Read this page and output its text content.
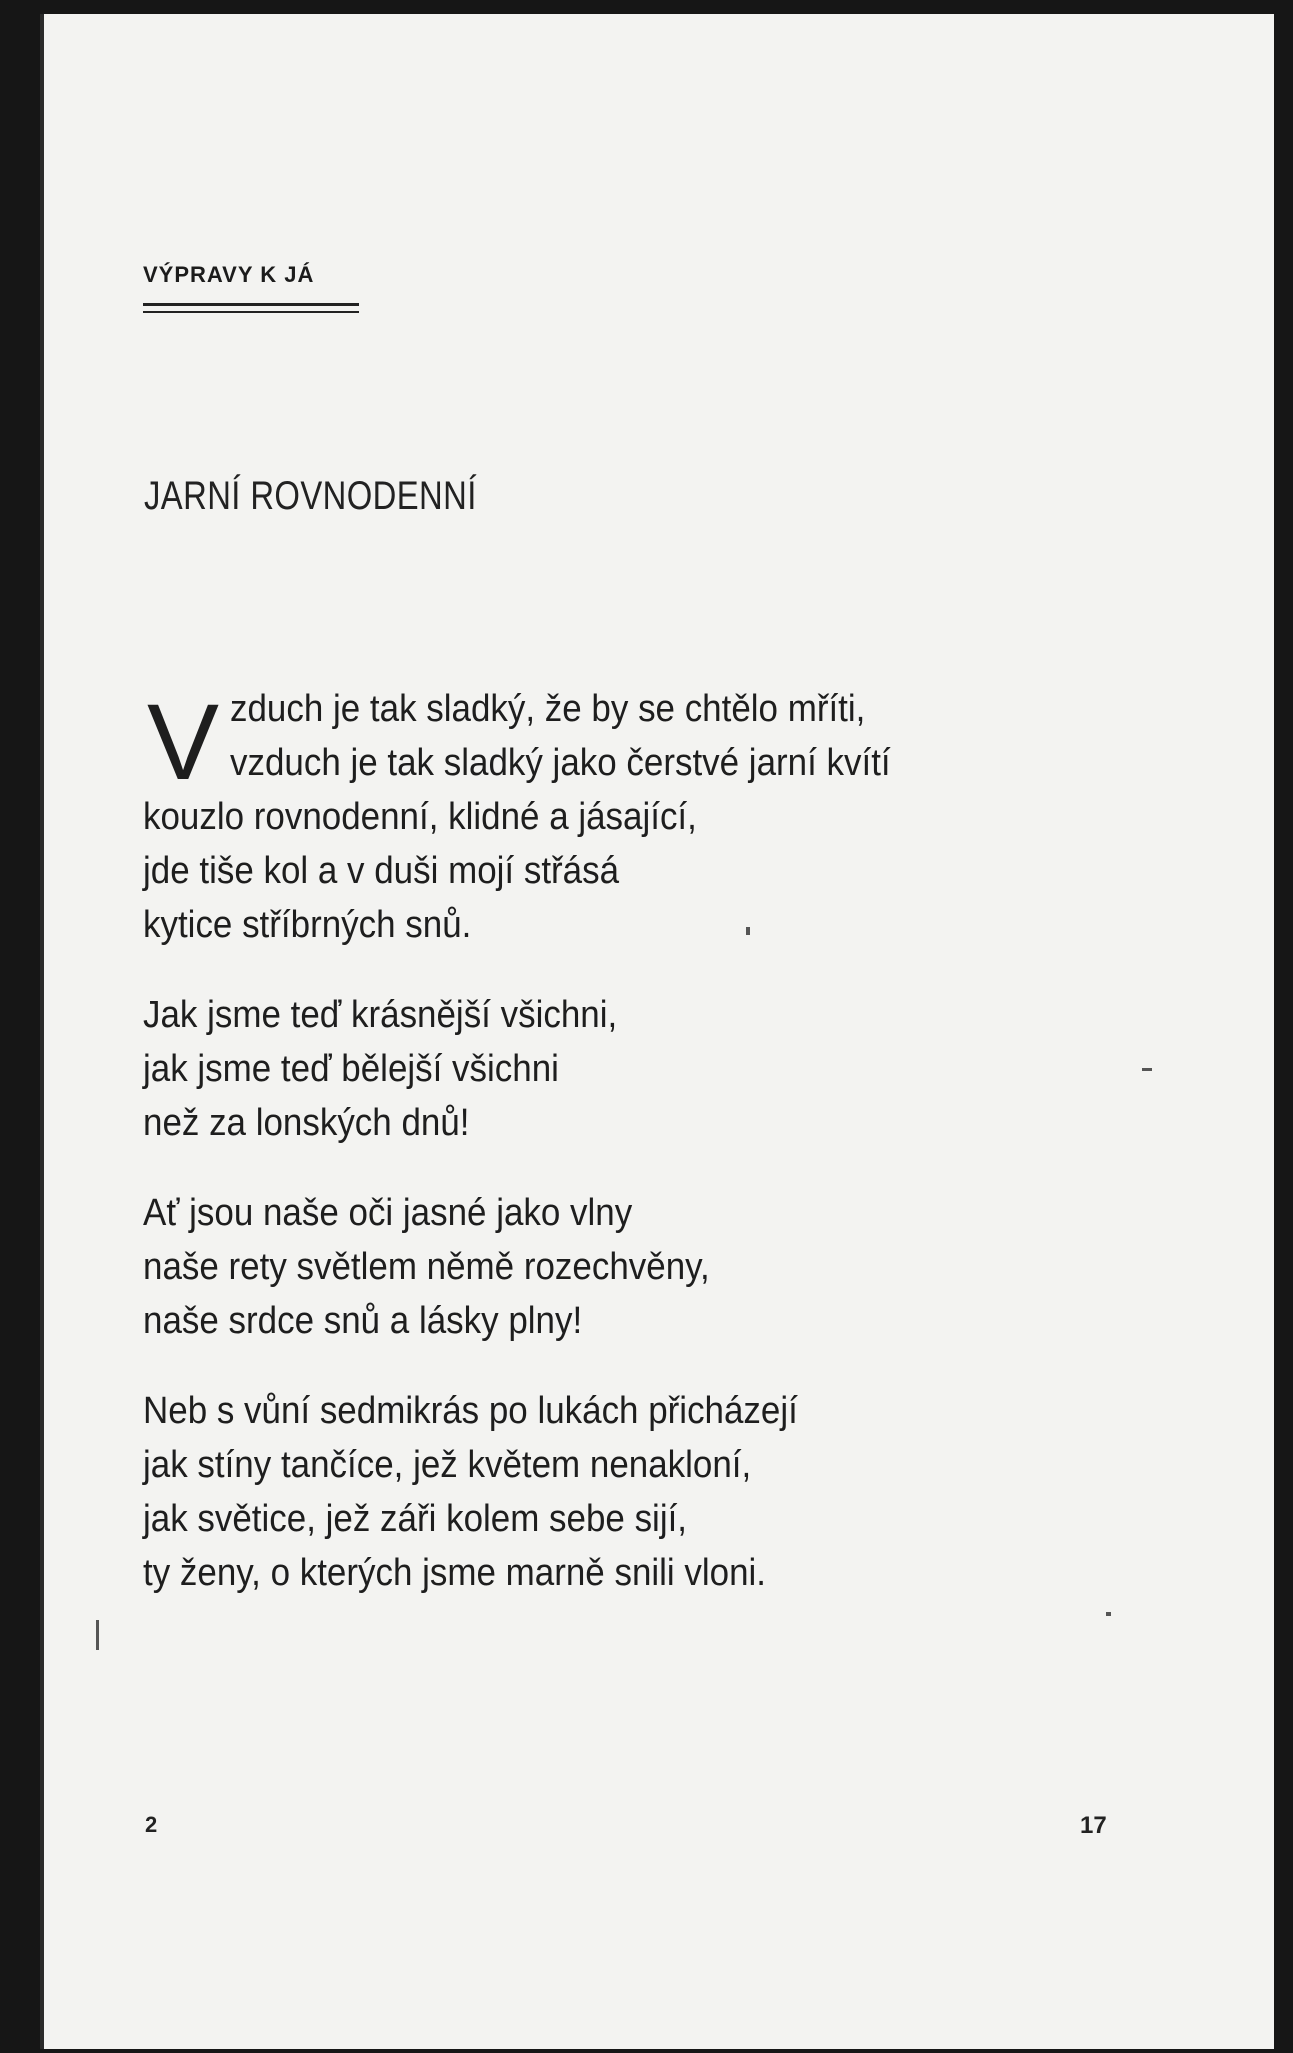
VÝPRAVY K JÁ
JARNÍ ROVNODENNÍ
V zduch je tak sladký, že by se chtělo mříti,
vzduch je tak sladký jako čerstvé jarní kvítí
kouzlo rovnodenní, klidné a jásající,
jde tiše kol a v duši mojí střásá
kytice stříbrných snů.
Jak jsme teď krásnější všichni,
jak jsme teď bělejší všichni
než za lonských dnů!
Ať jsou naše oči jasné jako vlny
naše rety světlem němě rozechvěny,
naše srdce snů a lásky plny!
Neb s vůní sedmikrás po lukách přicházejí
jak stíny tančíce, jež květem nenakloní,
jak světice, jež záři kolem sebe sijí,
ty ženy, o kterých jsme marně snili vloni.
2	17
